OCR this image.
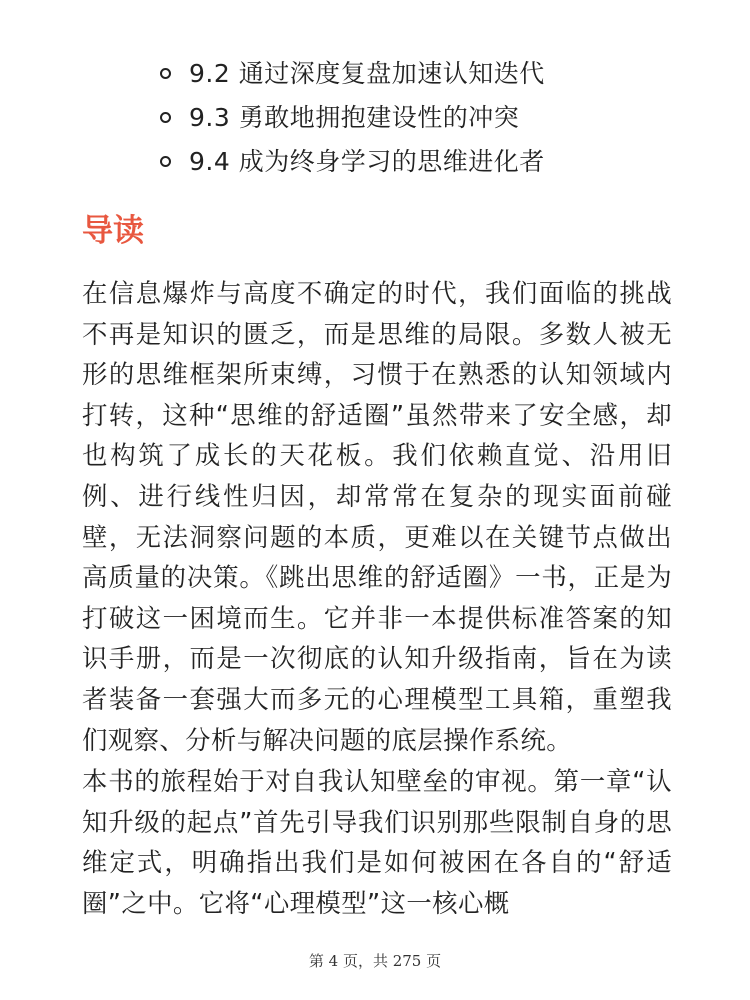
9.2 通过深度复盘加速认知迭代
9.3 勇敢地拥抱建设性的冲突
9.4 成为终身学习的思维进化者
导读

在信息爆炸与高度不确定的时代，我们面临的挑战不再是知识的匮乏，而是思维的局限。多数人被无形的思维框架所束缚，习惯于在熟悉的认知领域内打转，这种“思维的舒适圈”虽然带来了安全感，却也构筑了成长的天花板。我们依赖直觉、沿用旧例、进行线性归因，却常常在复杂的现实面前碰壁，无法洞察问题的本质，更难以在关键节点做出高质量的决策。《跳出思维的舒适圈》一书，正是为打破这一困境而生。它并非一本提供标准答案的知识手册，而是一次彻底的认知升级指南，旨在为读者装备一套强大而多元的心理模型工具箱，重塑我们观察、分析与解决问题的底层操作系统。

本书的旅程始于对自我认知壁垒的审视。第一章“认知升级的起点”首先引导我们识别那些限制自身的思维定式，明确指出我们是如何被困在各自的“舒适圈”之中。它将“心理模型”这一核心概

第 4 页，共 275 页
